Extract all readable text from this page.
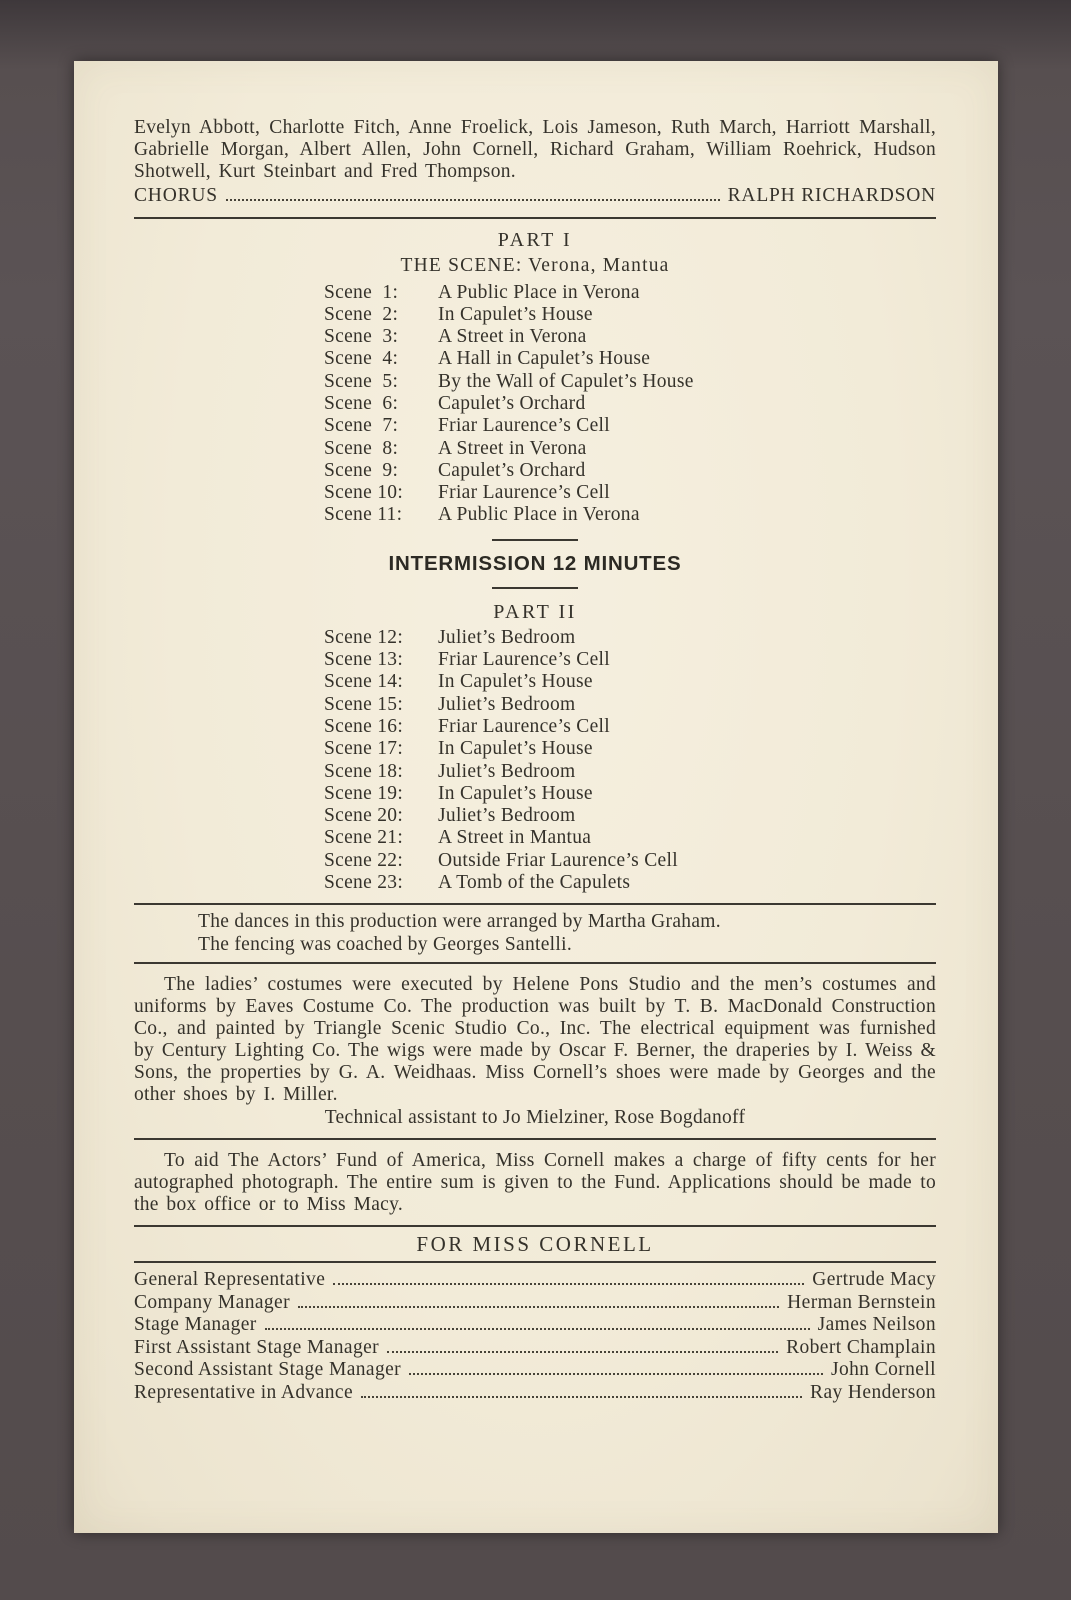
Evelyn Abbott, Charlotte Fitch, Anne Froelick, Lois Jameson, Ruth March, Harriott Marshall, Gabrielle Morgan, Albert Allen, John Cornell, Richard Graham, William Roehrick, Hudson Shotwell, Kurt Steinbart and Fred Thompson.

CHORUS	RALPH RICHARDSON
PART I
THE SCENE: Verona, Mantua
Scene  1: A Public Place in Verona
Scene  2: In Capulet’s House
Scene  3: A Street in Verona
Scene  4: A Hall in Capulet’s House
Scene  5: By the Wall of Capulet’s House
Scene  6: Capulet’s Orchard
Scene  7: Friar Laurence’s Cell
Scene  8: A Street in Verona
Scene  9: Capulet’s Orchard
Scene 10: Friar Laurence’s Cell
Scene 11: A Public Place in Verona
INTERMISSION 12 MINUTES
PART II
Scene 12: Juliet’s Bedroom
Scene 13: Friar Laurence’s Cell
Scene 14: In Capulet’s House
Scene 15: Juliet’s Bedroom
Scene 16: Friar Laurence’s Cell
Scene 17: In Capulet’s House
Scene 18: Juliet’s Bedroom
Scene 19: In Capulet’s House
Scene 20: Juliet’s Bedroom
Scene 21: A Street in Mantua
Scene 22: Outside Friar Laurence’s Cell
Scene 23: A Tomb of the Capulets
The dances in this production were arranged by Martha Graham.
The fencing was coached by Georges Santelli.

The ladies’ costumes were executed by Helene Pons Studio and the men’s costumes and uniforms by Eaves Costume Co. The production was built by T. B. MacDonald Construction Co., and painted by Triangle Scenic Studio Co., Inc. The electrical equipment was furnished by Century Lighting Co. The wigs were made by Oscar F. Berner, the draperies by I. Weiss & Sons, the properties by G. A. Weidhaas. Miss Cornell’s shoes were made by Georges and the other shoes by I. Miller.

Technical assistant to Jo Mielziner, Rose Bogdanoff

To aid The Actors’ Fund of America, Miss Cornell makes a charge of fifty cents for her autographed photograph. The entire sum is given to the Fund. Applications should be made to the box office or to Miss Macy.

FOR MISS CORNELL
General Representative	Gertrude Macy
Company Manager	Herman Bernstein
Stage Manager	James Neilson
First Assistant Stage Manager	Robert Champlain
Second Assistant Stage Manager	John Cornell
Representative in Advance	Ray Henderson
